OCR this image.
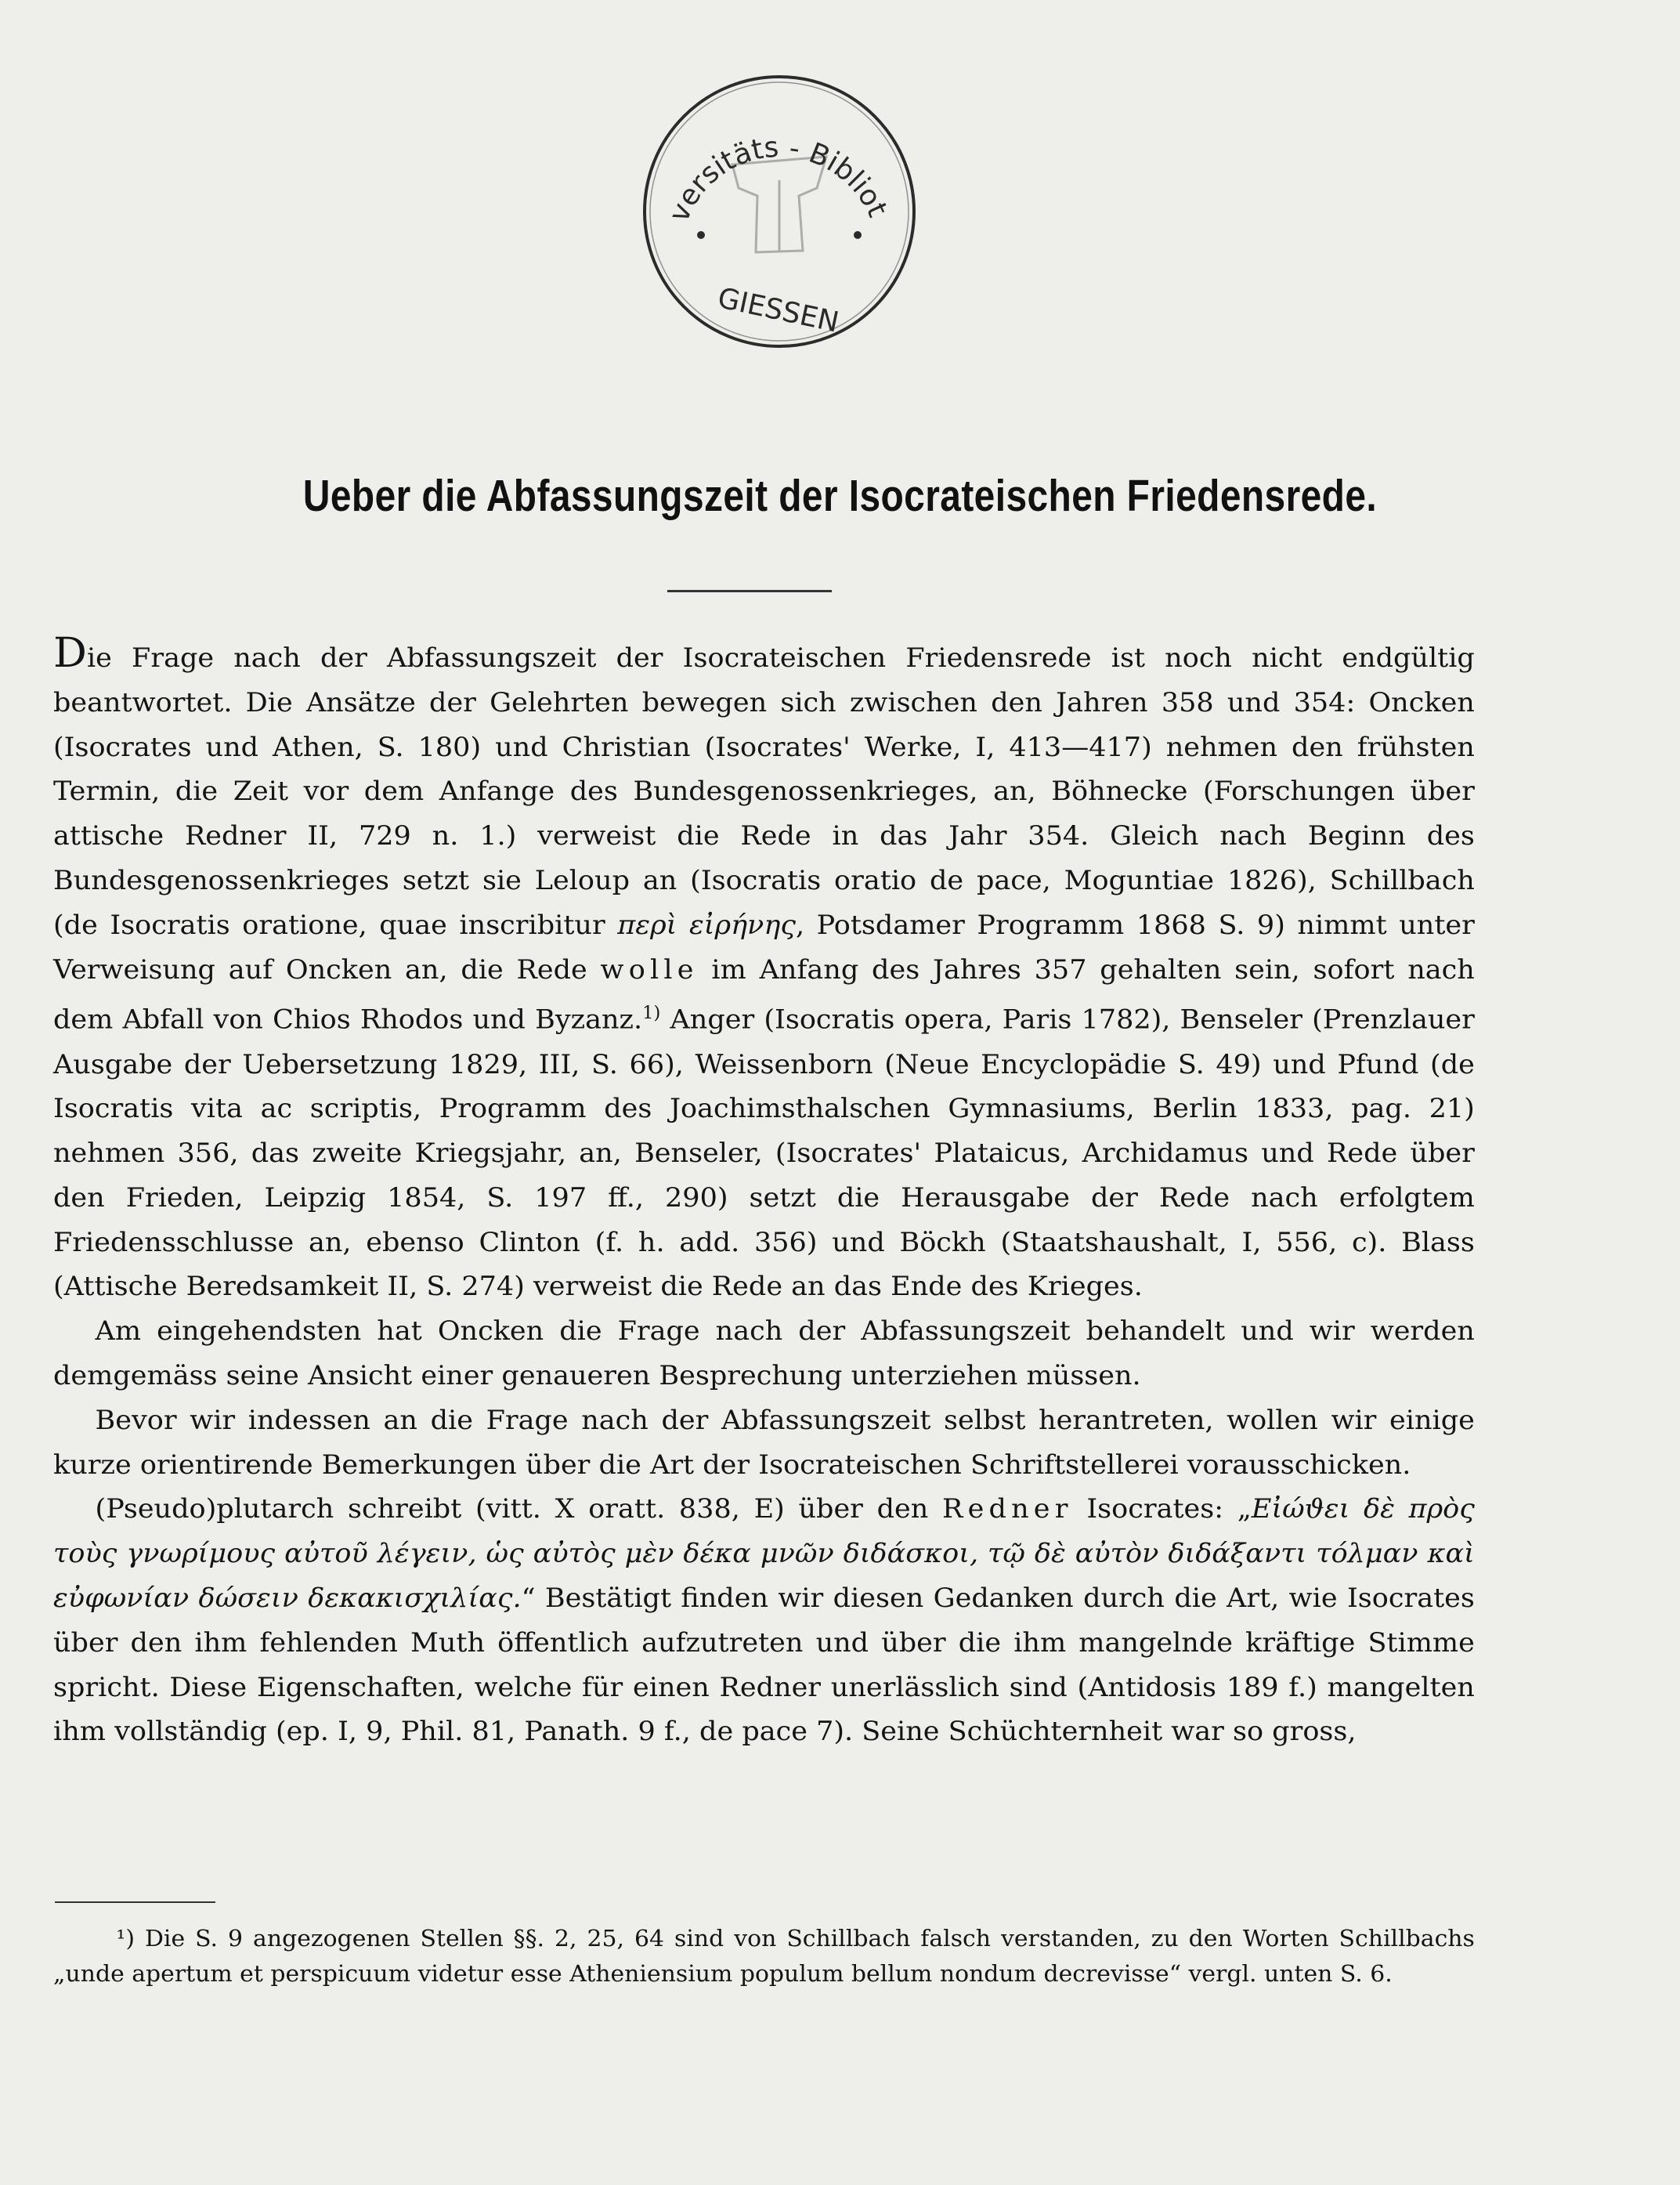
versitäts - Bibliot
GIESSEN
Ueber die Abfassungszeit der Isocrateischen Friedensrede.

Die Frage nach der Abfassungszeit der Isocrateischen Friedensrede ist noch nicht endgültig beantwortet. Die Ansätze der Gelehrten bewegen sich zwischen den Jahren 358 und 354: Oncken (Isocrates und Athen, S. 180) und Christian (Isocrates' Werke, I, 413—417) nehmen den frühsten Termin, die Zeit vor dem Anfange des Bundesgenossenkrieges, an, Böhnecke (Forschungen über attische Redner II, 729 n. 1.) verweist die Rede in das Jahr 354. Gleich nach Beginn des Bundesgenossenkrieges setzt sie Leloup an (Isocratis oratio de pace, Moguntiae 1826), Schillbach (de Isocratis oratione, quae inscribitur περὶ εἰρήνης, Potsdamer Programm 1868 S. 9) nimmt unter Verweisung auf Oncken an, die Rede wolle im Anfang des Jahres 357 gehalten sein, sofort nach dem Abfall von Chios Rhodos und Byzanz.$^{1)}$ Anger (Isocratis opera, Paris 1782), Benseler (Prenzlauer Ausgabe der Uebersetzung 1829, III, S. 66), Weissenborn (Neue Encyclopädie S. 49) und Pfund (de Isocratis vita ac scriptis, Programm des Joachimsthalschen Gymnasiums, Berlin 1833, pag. 21) nehmen 356, das zweite Kriegsjahr, an, Benseler, (Isocrates' Plataicus, Archidamus und Rede über den Frieden, Leipzig 1854, S. 197 ff., 290) setzt die Herausgabe der Rede nach erfolgtem Friedensschlusse an, ebenso Clinton (f. h. add. 356) und Böckh (Staatshaushalt, I, 556, c). Blass (Attische Beredsamkeit II, S. 274) verweist die Rede an das Ende des Krieges.

Am eingehendsten hat Oncken die Frage nach der Abfassungszeit behandelt und wir werden demgemäss seine Ansicht einer genaueren Besprechung unterziehen müssen.

Bevor wir indessen an die Frage nach der Abfassungszeit selbst herantreten, wollen wir einige kurze orientirende Bemerkungen über die Art der Isocrateischen Schriftstellerei vorausschicken.

(Pseudo)plutarch schreibt (vitt. X oratt. 838, E) über den Redner Isocrates: „Εἰώϑει δὲ πρὸς τοὺς γνωρίμους αὐτοῦ λέγειν, ὡς αὐτὸς μὲν δέκα μνῶν διδάσκοι, τῷ δὲ αὐτὸν διδάξαντι τόλμαν καὶ εὐφωνίαν δώσειν δεκακισχιλίας.“ Bestätigt finden wir diesen Gedanken durch die Art, wie Isocrates über den ihm fehlenden Muth öffentlich aufzutreten und über die ihm mangelnde kräftige Stimme spricht. Diese Eigenschaften, welche für einen Redner unerlässlich sind (Antidosis 189 f.) mangelten ihm vollständig (ep. I, 9, Phil. 81, Panath. 9 f., de pace 7). Seine Schüchternheit war so gross,

¹) Die S. 9 angezogenen Stellen §§. 2, 25, 64 sind von Schillbach falsch verstanden, zu den Worten Schillbachs „unde apertum et perspicuum videtur esse Atheniensium populum bellum nondum decrevisse“ vergl. unten S. 6.
